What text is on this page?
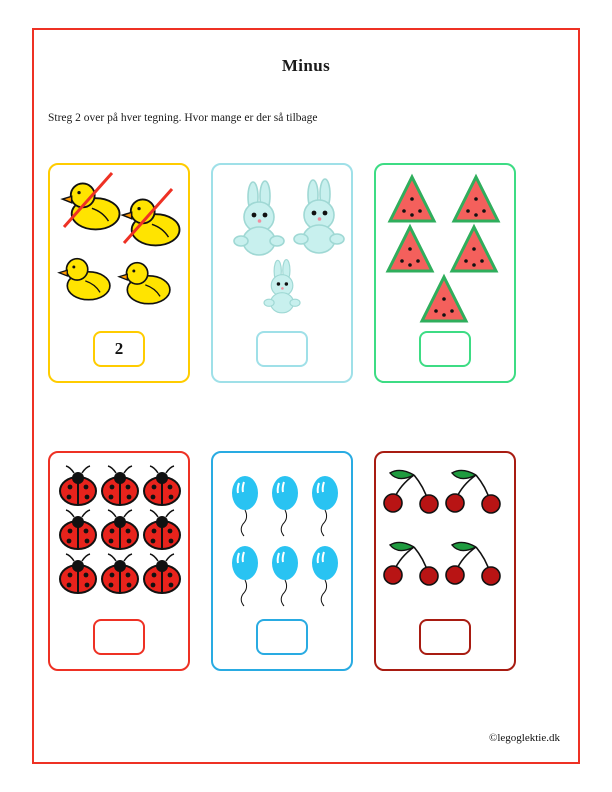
Minus
Streg 2 over på hver tegning. Hvor mange er der så tilbage
2
©legoglektie.dk
